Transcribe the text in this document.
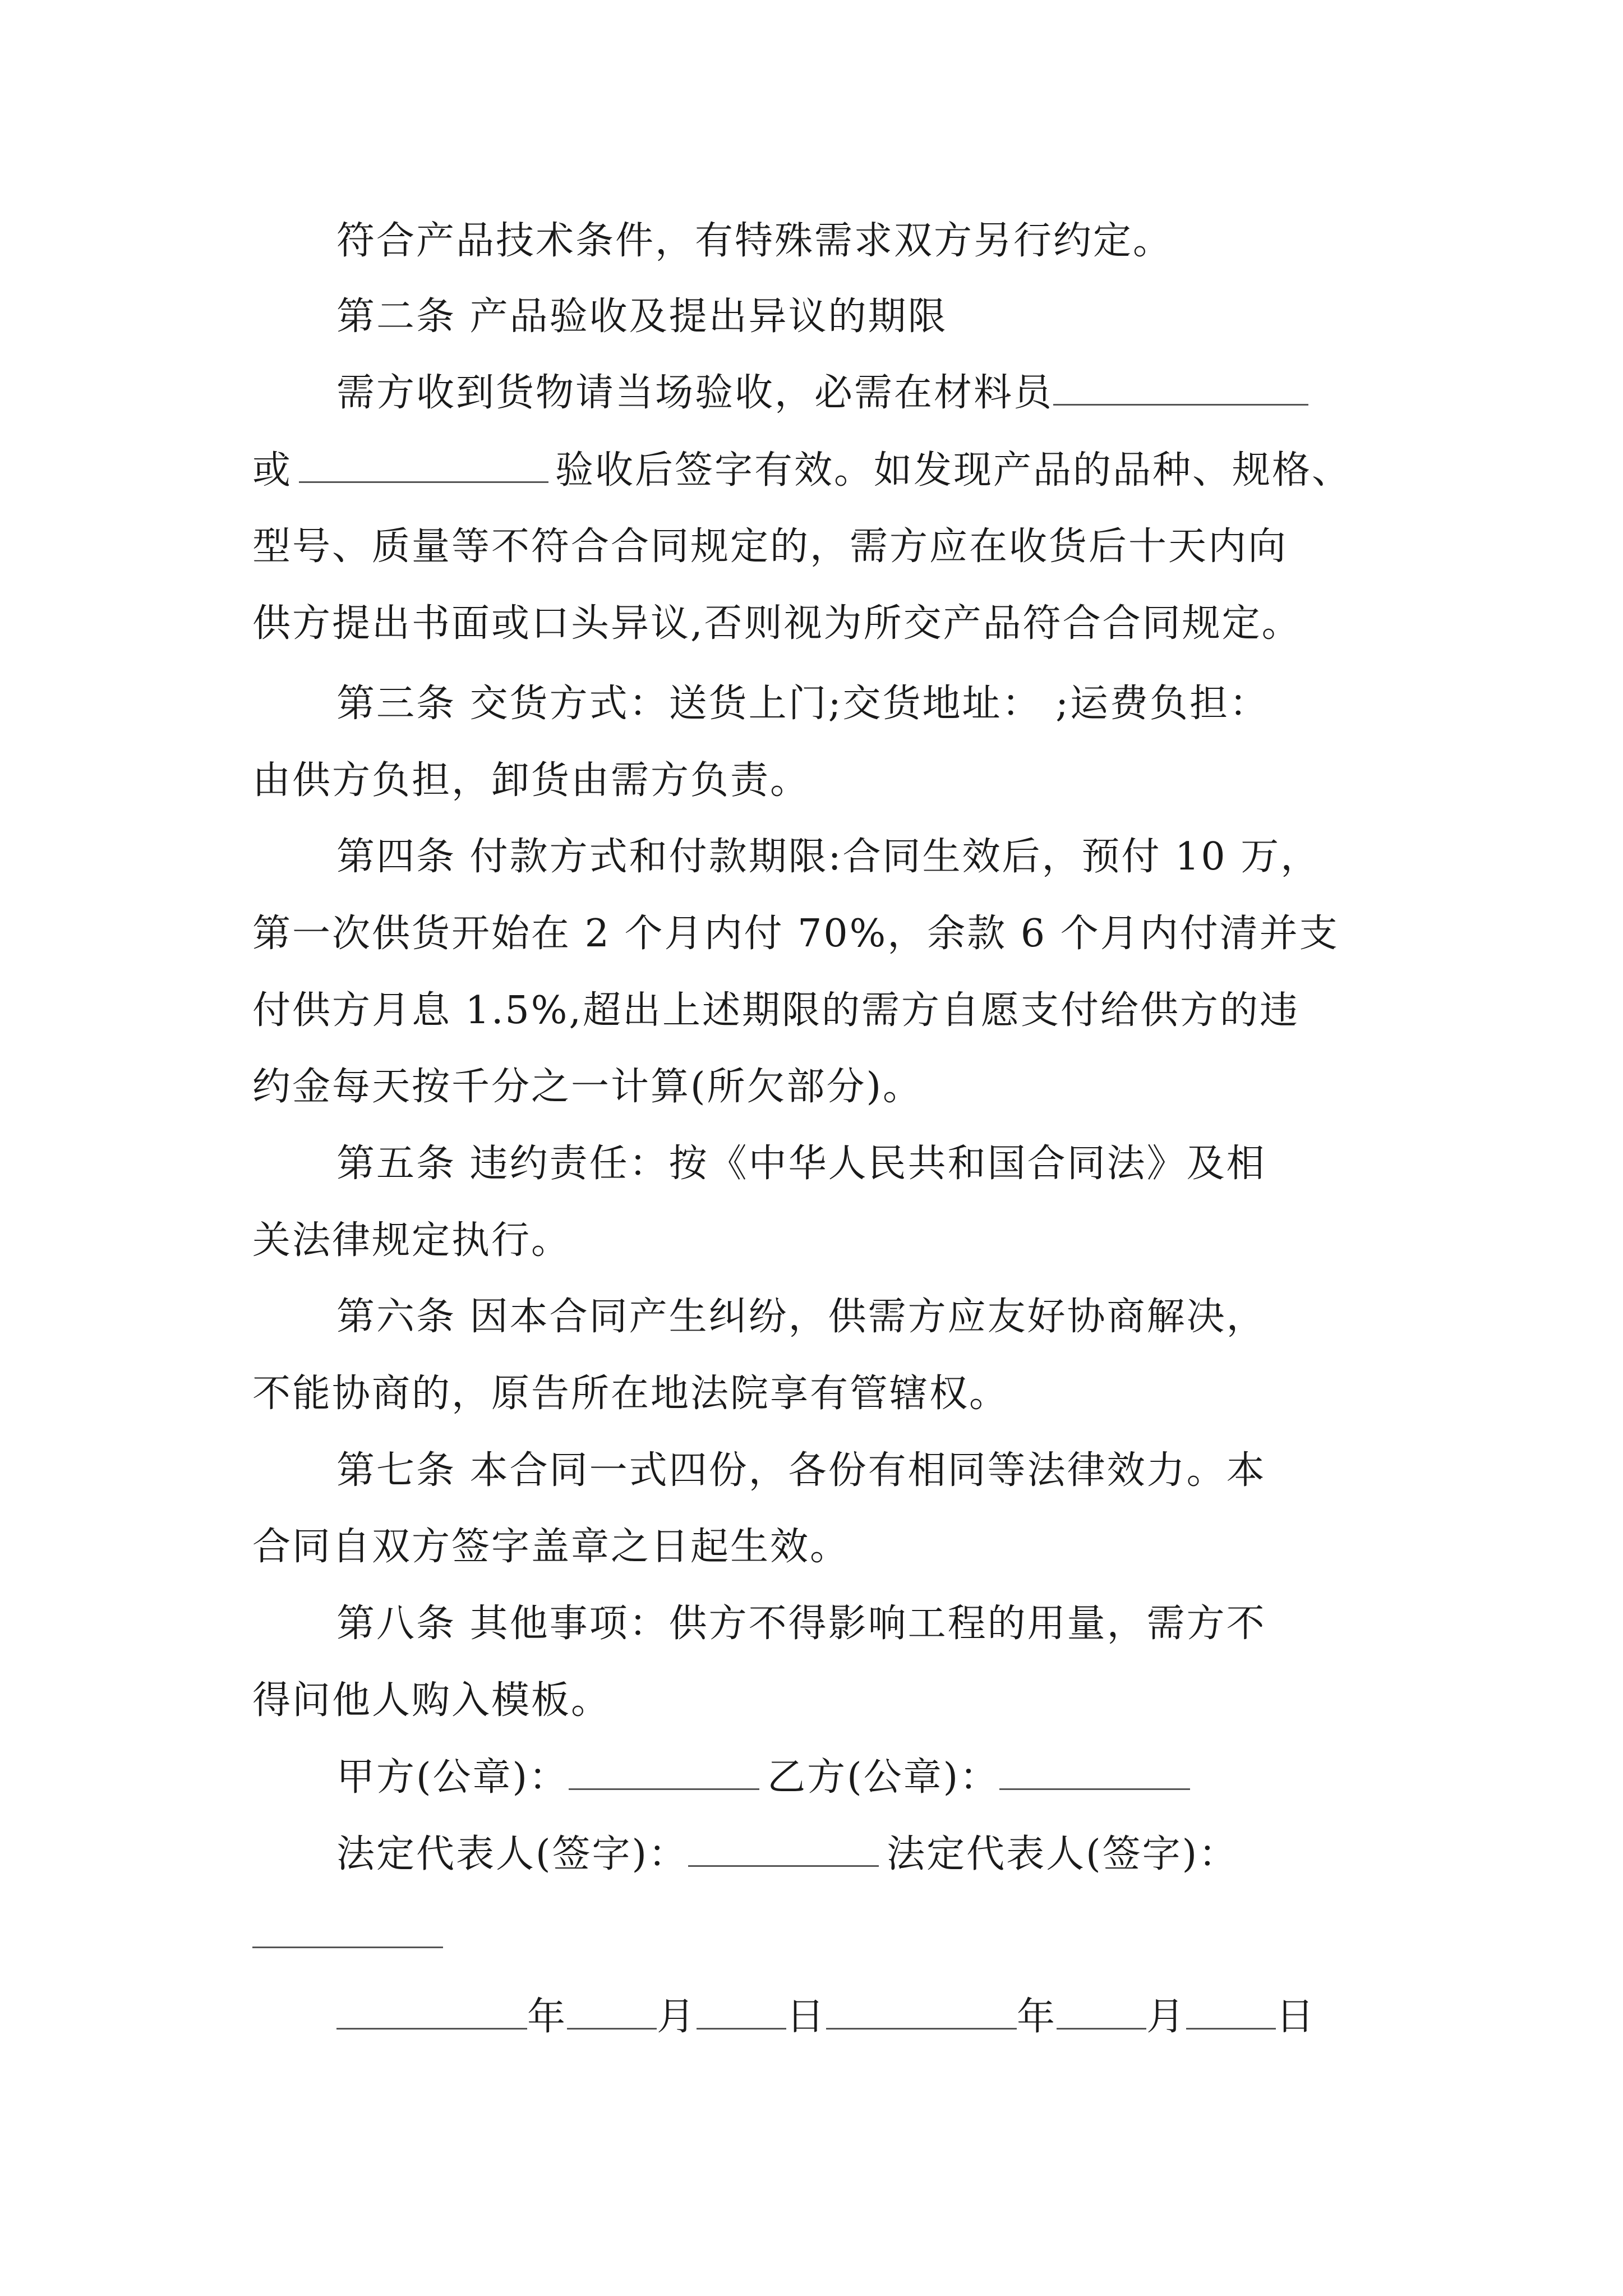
符合产品技术条件，有特殊需求双方另行约定。
第二条 产品验收及提出异议的期限
需方收到货物请当场验收，必需在材料员
或	验收后签字有效。如发现产品的品种、规格、
型号、质量等不符合合同规定的，需方应在收货后十天内向
供方提出书面或口头异议,否则视为所交产品符合合同规定。
第三条 交货方式：送货上门;交货地址： ;运费负担：
由供方负担，卸货由需方负责。
第四条 付款方式和付款期限:合同生效后，预付 10 万，
第一次供货开始在 2 个月内付 70%，余款 6 个月内付清并支
付供方月息 1.5%,超出上述期限的需方自愿支付给供方的违
约金每天按千分之一计算(所欠部分)。
第五条 违约责任：按《中华人民共和国合同法》及相
关法律规定执行。
第六条 因本合同产生纠纷，供需方应友好协商解决，
不能协商的，原告所在地法院享有管辖权。
第七条 本合同一式四份，各份有相同等法律效力。本
合同自双方签字盖章之日起生效。
第八条 其他事项：供方不得影响工程的用量，需方不
得问他人购入模板。
甲方(公章)：	乙方(公章)：
法定代表人(签字)：	法定代表人(签字)：
年 月 日	年 月 日
